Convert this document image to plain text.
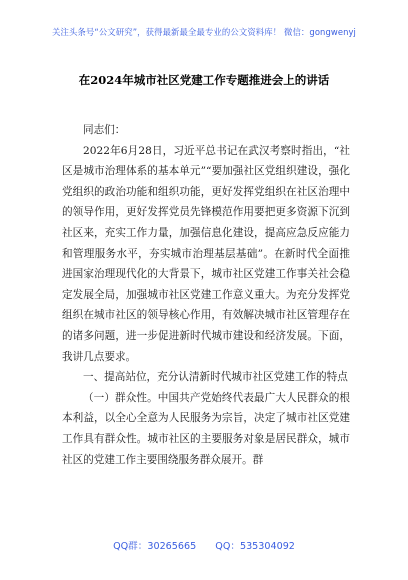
关注头条号“公文研究”，获得最新最全最专业的公文资料库！ 微信：gongwenyj
在2024年城市社区党建工作专题推进会上的讲话

同志们：

2022年6月28日，习近平总书记在武汉考察时指出，“社区是城市治理体系的基本单元”“要加强社区党组织建设，强化党组织的政治功能和组织功能，更好发挥党组织在社区治理中的领导作用，更好发挥党员先锋模范作用要把更多资源下沉到社区来，充实工作力量，加强信息化建设，提高应急反应能力和管理服务水平，夯实城市治理基层基础”。在新时代全面推进国家治理现代化的大背景下，城市社区党建工作事关社会稳定发展全局，加强城市社区党建工作意义重大。为充分发挥党组织在城市社区的领导核心作用，有效解决城市社区管理存在的诸多问题，进一步促进新时代城市建设和经济发展。下面，我讲几点要求。

一、提高站位，充分认清新时代城市社区党建工作的特点

（一）群众性。中国共产党始终代表最广大人民群众的根本利益，以全心全意为人民服务为宗旨，决定了城市社区党建工作具有群众性。城市社区的主要服务对象是居民群众，城市社区的党建工作主要围绕服务群众展开。群

QQ群：30265665 QQ：535304092
